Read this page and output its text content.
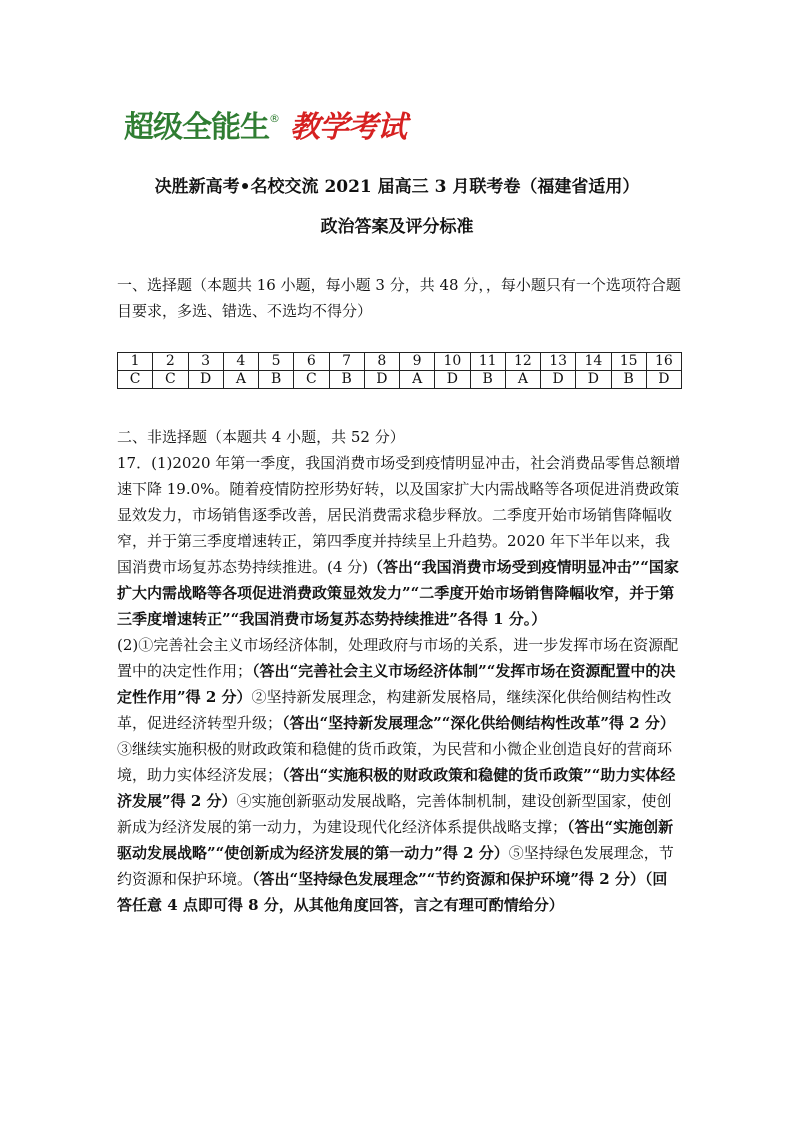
超级全能生 ® 教学考试
决胜新高考•名校交流 2021 届高三 3 月联考卷（福建省适用）
政治答案及评分标准
一、选择题（本题共 16 小题，每小题 3 分，共 48 分，，每小题只有一个选项符合题目要求，多选、错选、不选均不得分）
1	2	3	4	5	6	7	8	9	10	11	12	13	14	15	16
C	C	D	A	B	C	B	D	A	D	B	A	D	D	B	D
二、非选择题（本题共 4 小题，共 52 分）
17．(1)2020 年第一季度，我国消费市场受到疫情明显冲击，社会消费品零售总额增速下降 19.0%。随着疫情防控形势好转，以及国家扩大内需战略等各项促进消费政策显效发力，市场销售逐季改善，居民消费需求稳步释放。二季度开始市场销售降幅收窄，并于第三季度增速转正，第四季度并持续呈上升趋势。2020 年下半年以来，我国消费市场复苏态势持续推进。(4 分)（答出“我国消费市场受到疫情明显冲击”“国家扩大内需战略等各项促进消费政策显效发力”“二季度开始市场销售降幅收窄，并于第三季度增速转正”“我国消费市场复苏态势持续推进”各得 1 分。）
(2)①完善社会主义市场经济体制，处理政府与市场的关系，进一步发挥市场在资源配置中的决定性作用；（答出“完善社会主义市场经济体制”“发挥市场在资源配置中的决定性作用”得 2 分）②坚持新发展理念，构建新发展格局，继续深化供给侧结构性改革，促进经济转型升级；（答出“坚持新发展理念”“深化供给侧结构性改革”得 2 分）③继续实施积极的财政政策和稳健的货币政策，为民营和小微企业创造良好的营商环境，助力实体经济发展；（答出“实施积极的财政政策和稳健的货币政策”“助力实体经济发展”得 2 分）④实施创新驱动发展战略，完善体制机制，建设创新型国家，使创新成为经济发展的第一动力，为建设现代化经济体系提供战略支撑；（答出“实施创新驱动发展战略”“使创新成为经济发展的第一动力”得 2 分）⑤坚持绿色发展理念，节约资源和保护环境。（答出“坚持绿色发展理念”“节约资源和保护环境”得 2 分）（回答任意 4 点即可得 8 分，从其他角度回答，言之有理可酌情给分）
